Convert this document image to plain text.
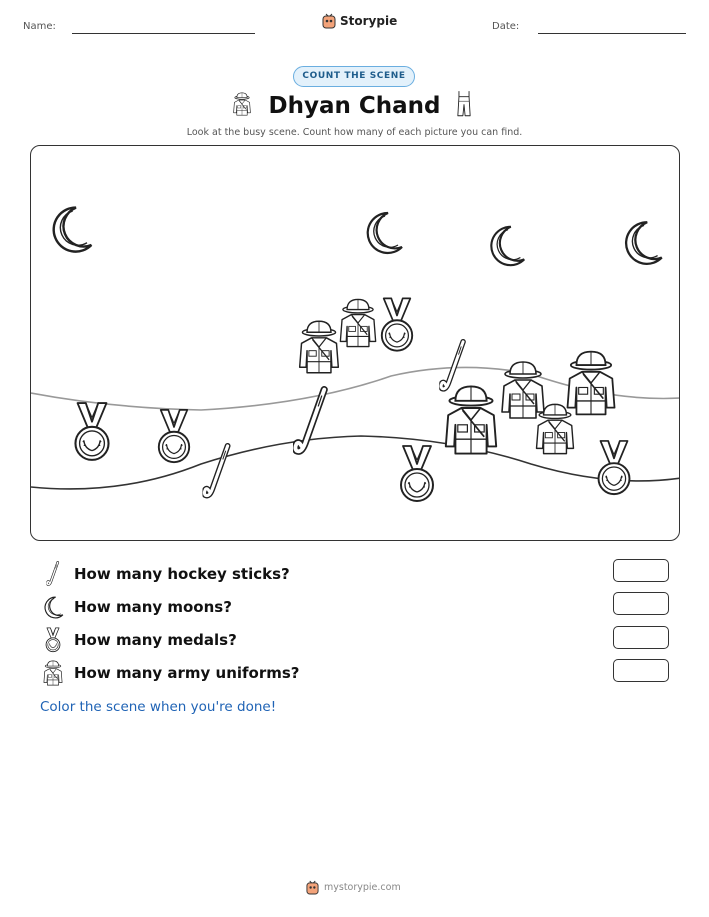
Name:	Storypie	Date:
COUNT THE SCENE
Dhyan Chand
Look at the busy scene. Count how many of each picture you can find.
How many hockey sticks?
How many moons?
How many medals?
How many army uniforms?
Color the scene when you're done!
mystorypie.com
